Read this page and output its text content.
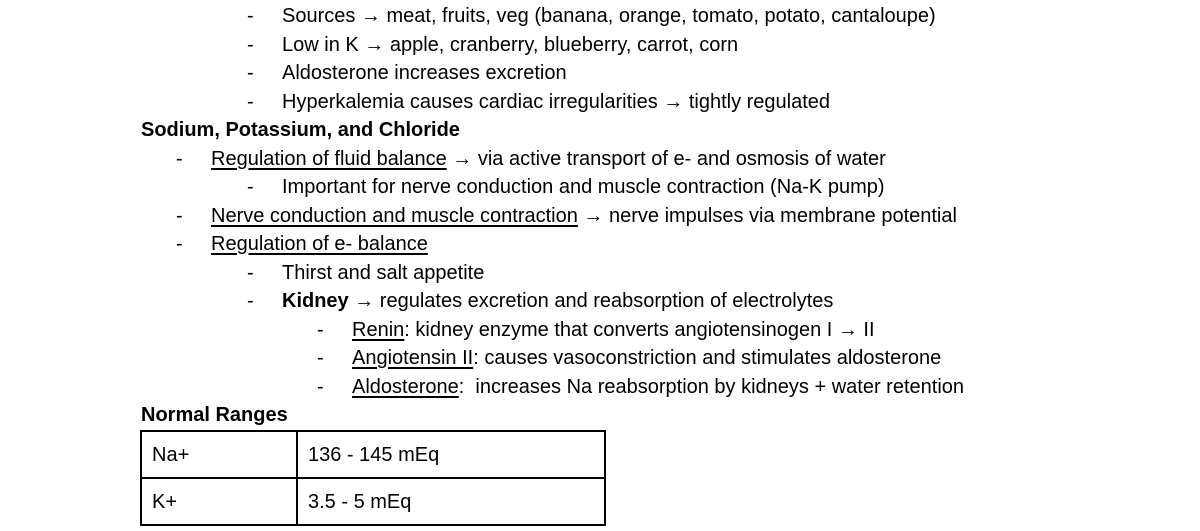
- Sources → meat, fruits, veg (banana, orange, tomato, potato, cantaloupe)
- Low in K → apple, cranberry, blueberry, carrot, corn
- Aldosterone increases excretion
- Hyperkalemia causes cardiac irregularities → tightly regulated
Sodium, Potassium, and Chloride
- Regulation of fluid balance → via active transport of e- and osmosis of water
- Important for nerve conduction and muscle contraction (Na-K pump)
- Nerve conduction and muscle contraction → nerve impulses via membrane potential
- Regulation of e- balance
- Thirst and salt appetite
- Kidney → regulates excretion and reabsorption of electrolytes
- Renin: kidney enzyme that converts angiotensinogen I → II
- Angiotensin II: causes vasoconstriction and stimulates aldosterone
- Aldosterone:  increases Na reabsorption by kidneys + water retention
Normal Ranges
Na+	136 - 145 mEq
K+	3.5 - 5 mEq
